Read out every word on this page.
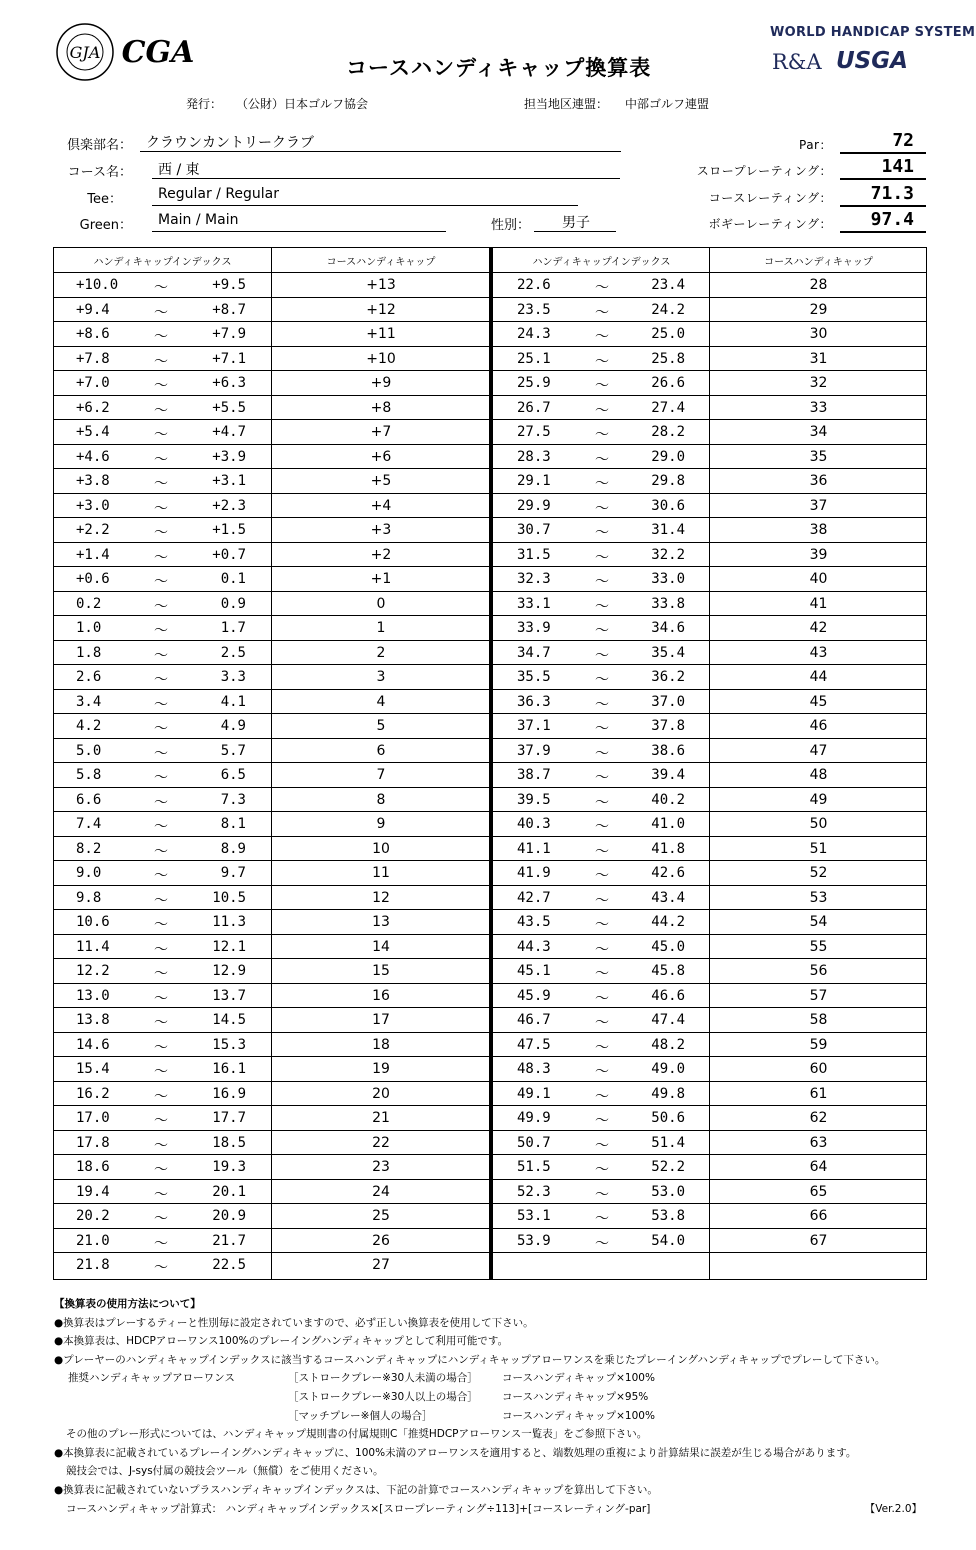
GJA CGA	コースハンディキャップ換算表
WORLD HANDICAP SYSTEM
R&A USGA
発行： （公財）日本ゴルフ協会	担当地区連盟： 中部ゴルフ連盟
倶楽部名：	クラウンカントリークラブ
コース名：	西 / 東
Tee：	Regular / Regular
Green：	Main / Main	性別：	男子
Par：	72
スロープレーティング：	141
コースレーティング：	71.3
ボギーレーティング：	97.4
ハンディキャップインデックス	コースハンディキャップ	ハンディキャップインデックス	コースハンディキャップ
+10.0	〜	+9.5	+13
+9.4	〜	+8.7	+12
+8.6	〜	+7.9	+11
+7.8	〜	+7.1	+10
+7.0	〜	+6.3	+9
+6.2	〜	+5.5	+8
+5.4	〜	+4.7	+7
+4.6	〜	+3.9	+6
+3.8	〜	+3.1	+5
+3.0	〜	+2.3	+4
+2.2	〜	+1.5	+3
+1.4	〜	+0.7	+2
+0.6	〜	0.1	+1
0.2	〜	0.9	0
1.0	〜	1.7	1
1.8	〜	2.5	2
2.6	〜	3.3	3
3.4	〜	4.1	4
4.2	〜	4.9	5
5.0	〜	5.7	6
5.8	〜	6.5	7
6.6	〜	7.3	8
7.4	〜	8.1	9
8.2	〜	8.9	10
9.0	〜	9.7	11
9.8	〜	10.5	12
10.6	〜	11.3	13
11.4	〜	12.1	14
12.2	〜	12.9	15
13.0	〜	13.7	16
13.8	〜	14.5	17
14.6	〜	15.3	18
15.4	〜	16.1	19
16.2	〜	16.9	20
17.0	〜	17.7	21
17.8	〜	18.5	22
18.6	〜	19.3	23
19.4	〜	20.1	24
20.2	〜	20.9	25
21.0	〜	21.7	26
21.8	〜	22.5	27
22.6	〜	23.4	28
23.5	〜	24.2	29
24.3	〜	25.0	30
25.1	〜	25.8	31
25.9	〜	26.6	32
26.7	〜	27.4	33
27.5	〜	28.2	34
28.3	〜	29.0	35
29.1	〜	29.8	36
29.9	〜	30.6	37
30.7	〜	31.4	38
31.5	〜	32.2	39
32.3	〜	33.0	40
33.1	〜	33.8	41
33.9	〜	34.6	42
34.7	〜	35.4	43
35.5	〜	36.2	44
36.3	〜	37.0	45
37.1	〜	37.8	46
37.9	〜	38.6	47
38.7	〜	39.4	48
39.5	〜	40.2	49
40.3	〜	41.0	50
41.1	〜	41.8	51
41.9	〜	42.6	52
42.7	〜	43.4	53
43.5	〜	44.2	54
44.3	〜	45.0	55
45.1	〜	45.8	56
45.9	〜	46.6	57
46.7	〜	47.4	58
47.5	〜	48.2	59
48.3	〜	49.0	60
49.1	〜	49.8	61
49.9	〜	50.6	62
50.7	〜	51.4	63
51.5	〜	52.2	64
52.3	〜	53.0	65
53.1	〜	53.8	66
53.9	〜	54.0	67

【換算表の使用方法について】

●換算表はプレーするティーと性別毎に設定されていますので、必ず正しい換算表を使用して下さい。

●本換算表は、HDCPアローワンス100%のプレーイングハンディキャップとして利用可能です。

●プレーヤーのハンディキャップインデックスに該当するコースハンディキャップにハンディキャップアローワンスを乗じたプレーイングハンディキャップでプレーして下さい。

推奨ハンディキャップアローワンス	［ストロークプレー※30人未満の場合］ コースハンディキャップ×100%
［ストロークプレー※30人以上の場合］ コースハンディキャップ×95%
［マッチプレー※個人の場合］	コースハンディキャップ×100%

その他のプレー形式については、ハンディキャップ規則書の付属規則C「推奨HDCPアローワンス一覧表」をご参照下さい。

●本換算表に記載されているプレーイングハンディキャップに、100%未満のアローワンスを適用すると、端数処理の重複により計算結果に誤差が生じる場合があります。

競技会では、J-sys付属の競技会ツール（無償）をご使用ください。

●換算表に記載されていないプラスハンディキャップインデックスは、下記の計算でコースハンディキャップを算出して下さい。

コースハンディキャップ計算式： ハンディキャップインデックス×[スロープレーティング÷113]+[コースレーティング-par]	【Ver.2.0】
